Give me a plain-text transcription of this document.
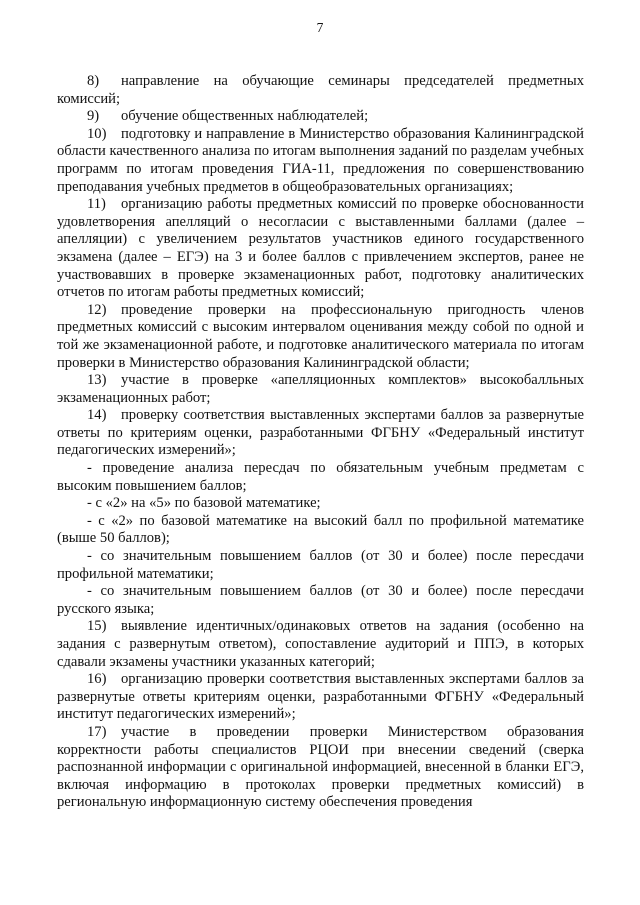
7

8) направление на обучающие семинары председателей предметных комиссий;

9) обучение общественных наблюдателей;

10) подготовку и направление в Министерство образования Калининградской области качественного анализа по итогам выполнения заданий по разделам учебных программ по итогам проведения ГИА-11, предложения по совершенствованию преподавания учебных предметов в общеобразовательных организациях;

11) организацию работы предметных комиссий по проверке обоснованности удовлетворения апелляций о несогласии с выставленными баллами (далее – апелляции) с увеличением результатов участников единого государственного экзамена (далее – ЕГЭ) на 3 и более баллов с привлечением экспертов, ранее не участвовавших в проверке экзаменационных работ, подготовку аналитических отчетов по итогам работы предметных комиссий;

12) проведение проверки на профессиональную пригодность членов предметных комиссий с высоким интервалом оценивания между собой по одной и той же экзаменационной работе, и подготовке аналитического материала по итогам проверки в Министерство образования Калининградской области;

13) участие в проверке «апелляционных комплектов» высокобалльных экзаменационных работ;

14) проверку соответствия выставленных экспертами баллов за развернутые ответы по критериям оценки, разработанными ФГБНУ «Федеральный институт педагогических измерений»;

- проведение анализа пересдач по обязательным учебным предметам с высоким повышением баллов;

- с «2» на «5» по базовой математике;

- с «2» по базовой математике на высокий балл по профильной математике (выше 50 баллов);

- со значительным повышением баллов (от 30 и более) после пересдачи профильной математики;

- со значительным повышением баллов (от 30 и более) после пересдачи русского языка;

15) выявление идентичных/одинаковых ответов на задания (особенно на задания с развернутым ответом), сопоставление аудиторий и ППЭ, в которых сдавали экзамены участники указанных категорий;

16) организацию проверки соответствия выставленных экспертами баллов за развернутые ответы критериям оценки, разработанными ФГБНУ «Федеральный институт педагогических измерений»;

17) участие в проведении проверки Министерством образования корректности работы специалистов РЦОИ при внесении сведений (сверка распознанной информации с оригинальной информацией, внесенной в бланки ЕГЭ, включая информацию в протоколах проверки предметных комиссий) в региональную информационную систему обеспечения проведения
